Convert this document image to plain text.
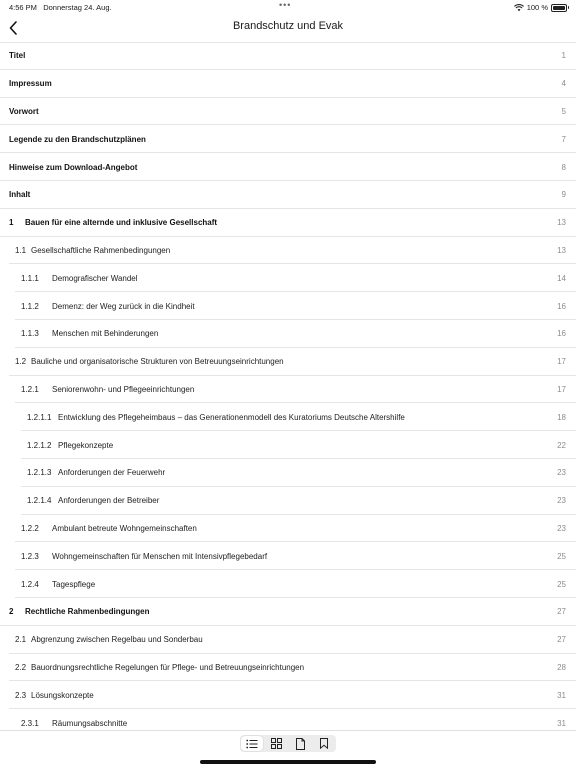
4:56 PM Donnerstag 24. Aug.	•••	100 %
Brandschutz und Evak
Titel	1
Impressum	4
Vorwort	5
Legende zu den Brandschutzplänen	7
Hinweise zum Download-Angebot	8
Inhalt	9
1 Bauen für eine alternde und inklusive Gesellschaft	13
1.1 Gesellschaftliche Rahmenbedingungen	13
1.1.1 Demografischer Wandel	14
1.1.2 Demenz: der Weg zurück in die Kindheit	16
1.1.3 Menschen mit Behinderungen	16
1.2 Bauliche und organisatorische Strukturen von Betreuungseinrichtungen	17
1.2.1 Seniorenwohn- und Pflegeeinrichtungen	17
1.2.1.1 Entwicklung des Pflegeheimbaus – das Generationenmodell des Kuratoriums Deutsche Altershilfe	18
1.2.1.2 Pflegekonzepte	22
1.2.1.3 Anforderungen der Feuerwehr	23
1.2.1.4 Anforderungen der Betreiber	23
1.2.2 Ambulant betreute Wohngemeinschaften	23
1.2.3 Wohngemeinschaften für Menschen mit Intensivpflegebedarf	25
1.2.4 Tagespflege	25
2 Rechtliche Rahmenbedingungen	27
2.1 Abgrenzung zwischen Regelbau und Sonderbau	27
2.2 Bauordnungsrechtliche Regelungen für Pflege- und Betreuungseinrichtungen	28
2.3 Lösungskonzepte	31
2.3.1 Räumungsabschnitte	31
